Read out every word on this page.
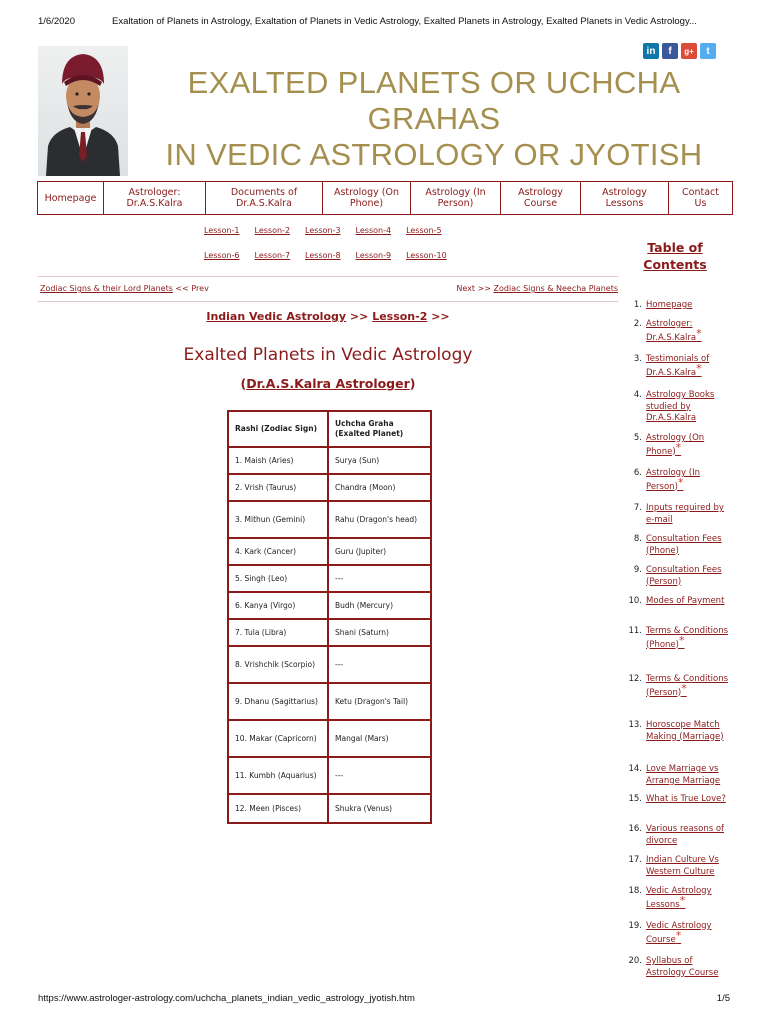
1/6/2020	Exaltation of Planets in Astrology, Exaltation of Planets in Vedic Astrology, Exalted Planets in Astrology, Exalted Planets in Vedic Astrology...
in	f	g+	t
EXALTED PLANETS OR UCHCHA
GRAHAS
IN VEDIC ASTROLOGY OR JYOTISH
Homepage	Astrologer:
Dr.A.S.Kalra
Documents of
Dr.A.S.Kalra
Astrology (On
Phone)
Astrology (In
Person)
Astrology
Course
Astrology
Lessons
Contact
Us
Lesson-1 Lesson-2 Lesson-3 Lesson-4 Lesson-5
Lesson-6 Lesson-7 Lesson-8 Lesson-9 Lesson-10
Zodiac Signs & their Lord Planets << Prev	Next >> Zodiac Signs & Neecha Planets
Indian Vedic Astrology >> Lesson-2 >>
Exalted Planets in Vedic Astrology
(Dr.A.S.Kalra Astrologer)
Rashi (Zodiac Sign)	Uchcha Graha (Exalted Planet)
1. Maish (Aries)	Surya (Sun)
2. Vrish (Taurus)	Chandra (Moon)
3. Mithun (Gemini)	Rahu (Dragon's head)
4. Kark (Cancer)	Guru (Jupiter)
5. Singh (Leo)	---
6. Kanya (Virgo)	Budh (Mercury)
7. Tula (Libra)	Shani (Saturn)
8. Vrishchik (Scorpio)	---
9. Dhanu (Sagittarius)	Ketu (Dragon's Tail)
10. Makar (Capricorn)	Mangal (Mars)
11. Kumbh (Aquarius)	---
12. Meen (Pisces)	Shukra (Venus)
Table of Contents
1. Homepage
2. Astrologer: Dr.A.S.Kalra*
3. Testimonials of Dr.A.S.Kalra*
4. Astrology Books studied by Dr.A.S.Kalra
5. Astrology (On Phone)*
6. Astrology (In Person)*
7. Inputs required by e-mail
8. Consultation Fees (Phone)
9. Consultation Fees (Person)
10. Modes of Payment
11. Terms & Conditions (Phone)*
12. Terms & Conditions (Person)*
13. Horoscope Match Making (Marriage)
14. Love Marriage vs Arrange Marriage
15. What is True Love?
16. Various reasons of divorce
17. Indian Culture Vs Western Culture
18. Vedic Astrology Lessons*
19. Vedic Astrology Course*
20. Syllabus of Astrology Course
https://www.astrologer-astrology.com/uchcha_planets_indian_vedic_astrology_jyotish.htm	1/5
